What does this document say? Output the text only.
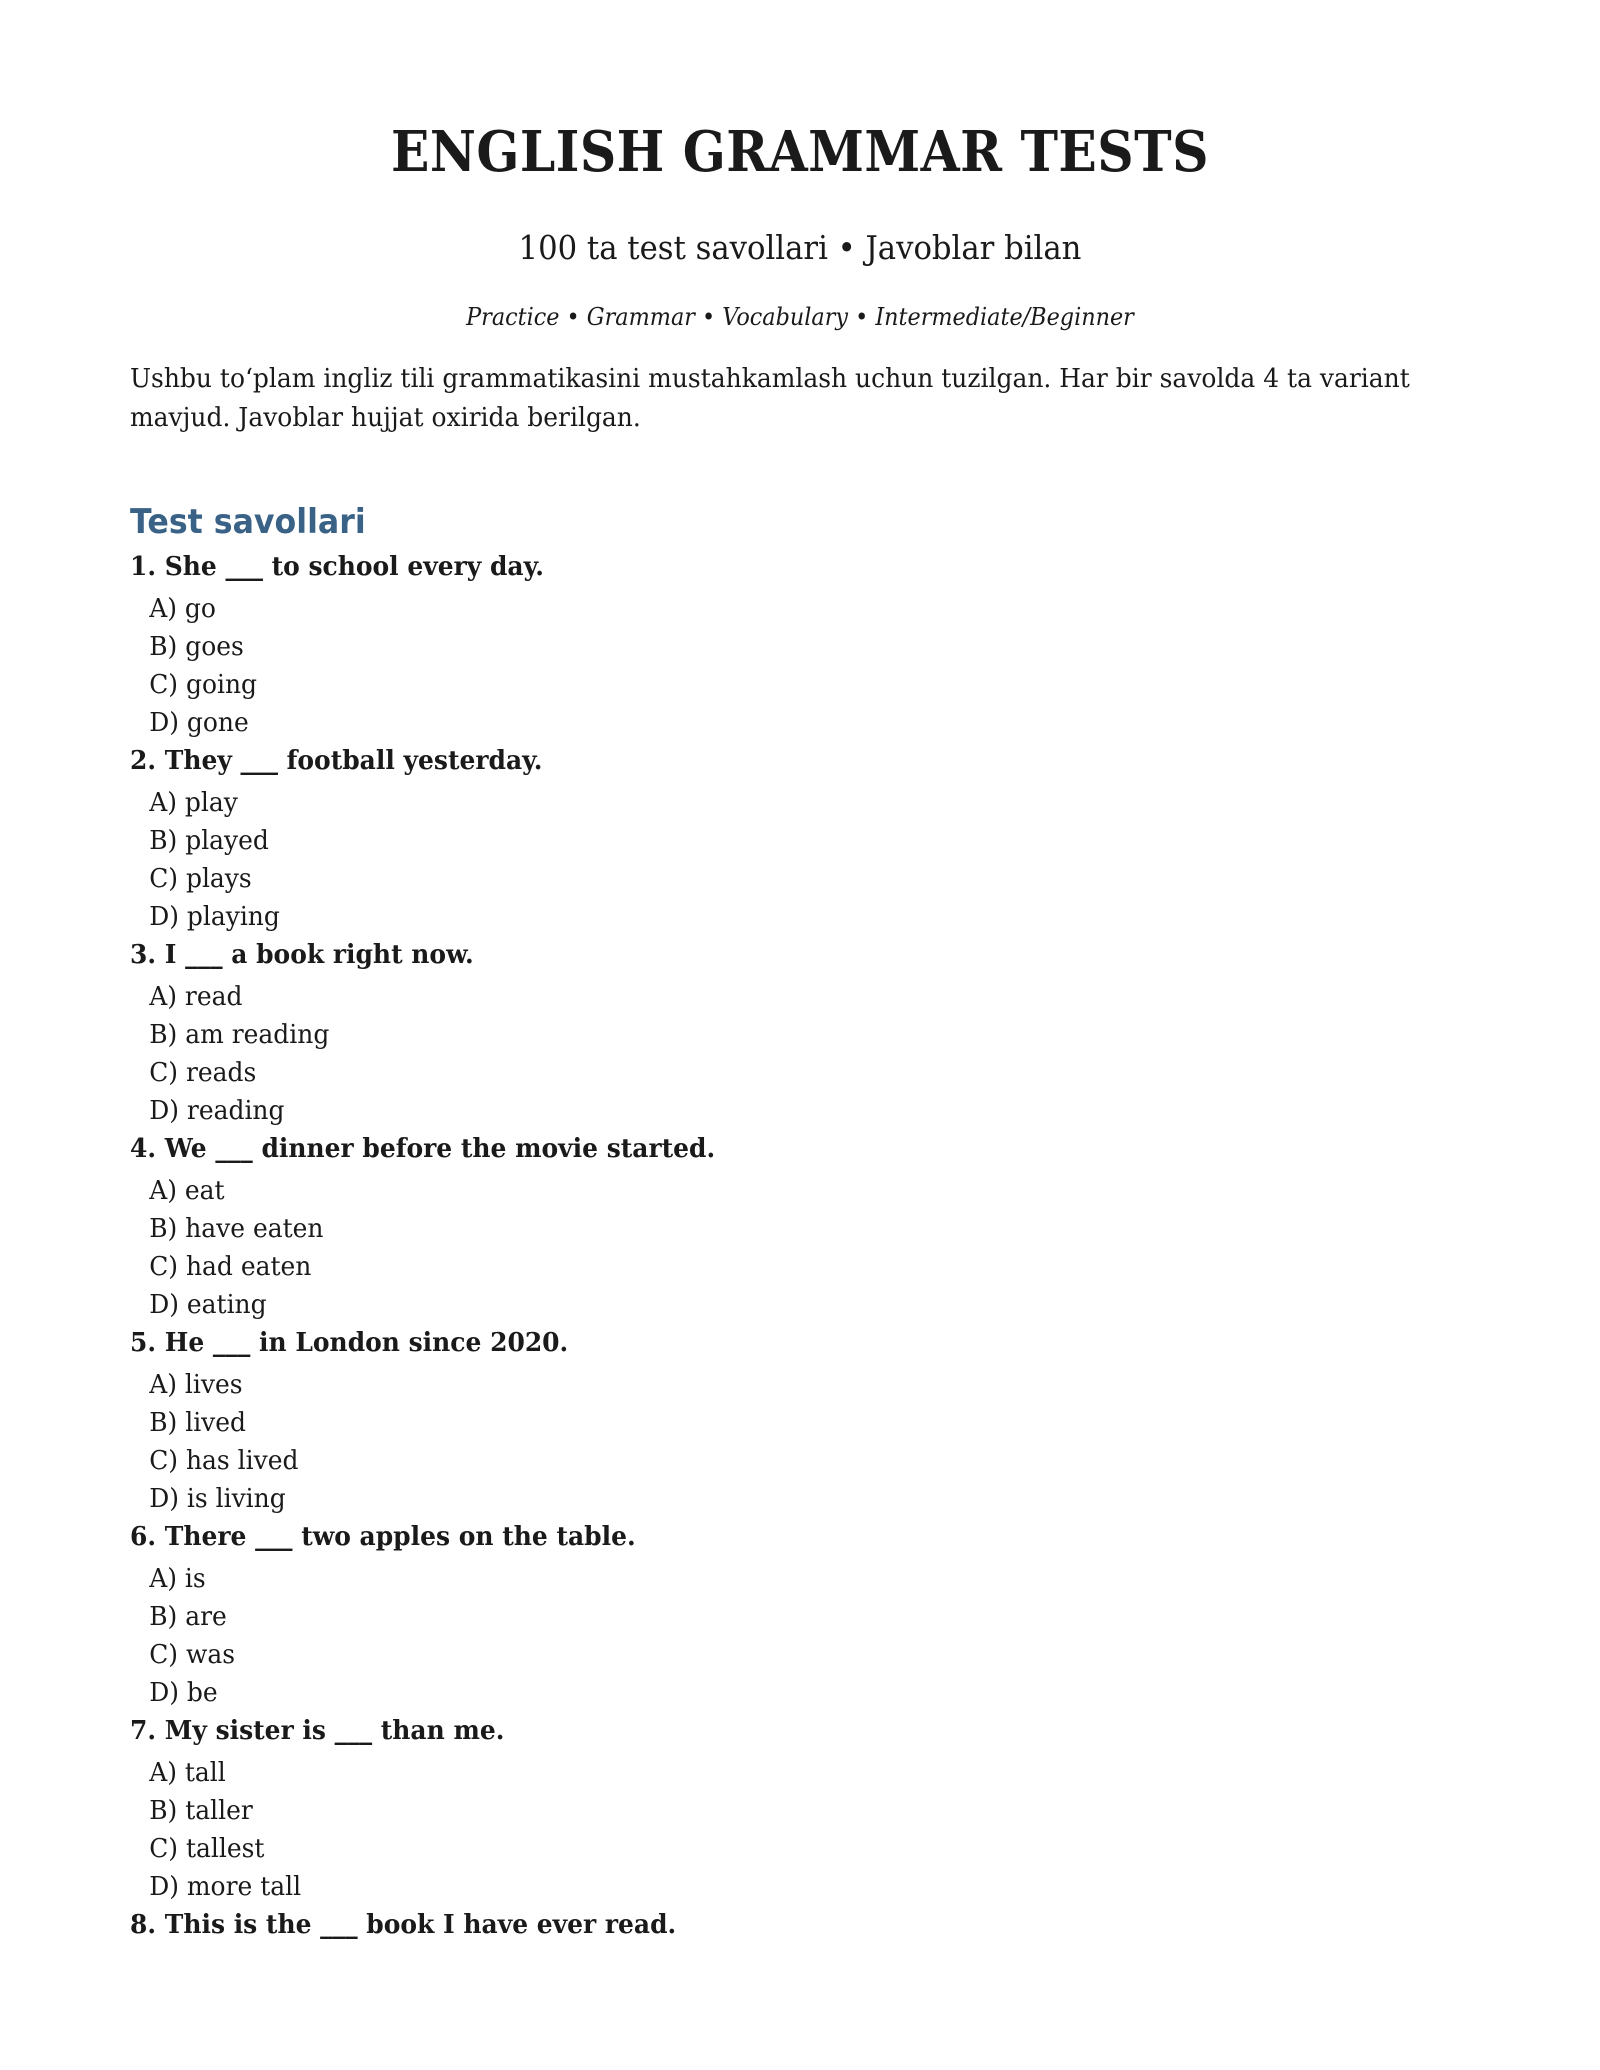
ENGLISH GRAMMAR TESTS
100 ta test savollari • Javoblar bilan
Practice • Grammar • Vocabulary • Intermediate/Beginner
Ushbu to‘plam ingliz tili grammatikasini mustahkamlash uchun tuzilgan. Har bir savolda 4 ta variant mavjud. Javoblar hujjat oxirida berilgan.
Test savollari
1. She ___ to school every day.
A) go
B) goes
C) going
D) gone
2. They ___ football yesterday.
A) play
B) played
C) plays
D) playing
3. I ___ a book right now.
A) read
B) am reading
C) reads
D) reading
4. We ___ dinner before the movie started.
A) eat
B) have eaten
C) had eaten
D) eating
5. He ___ in London since 2020.
A) lives
B) lived
C) has lived
D) is living
6. There ___ two apples on the table.
A) is
B) are
C) was
D) be
7. My sister is ___ than me.
A) tall
B) taller
C) tallest
D) more tall
8. This is the ___ book I have ever read.
